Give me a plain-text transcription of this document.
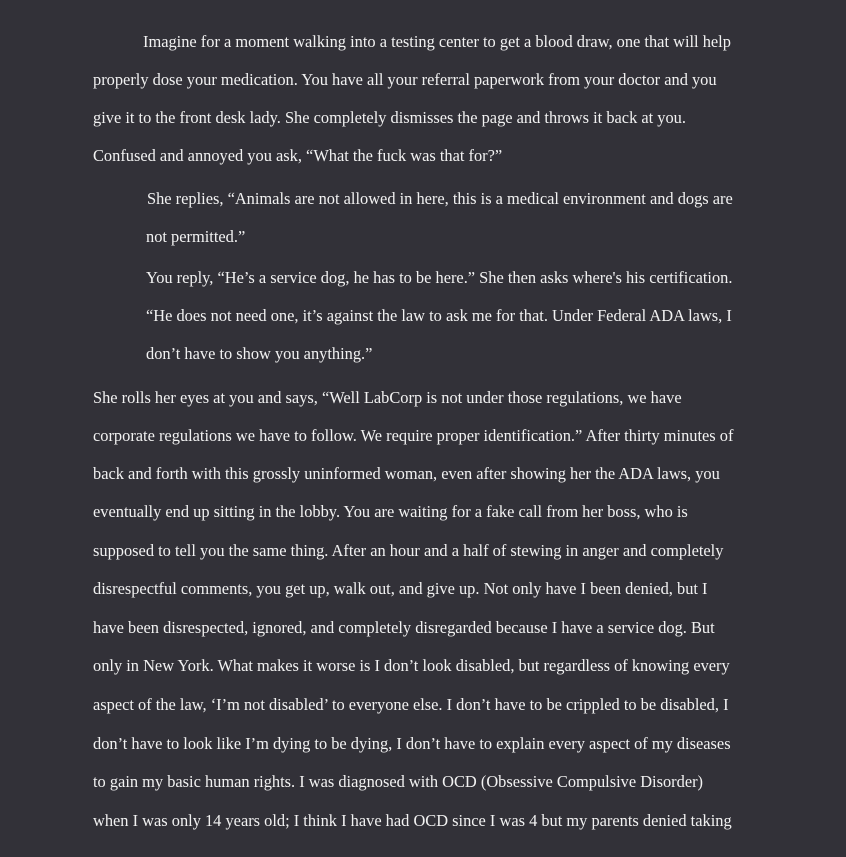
Imagine for a moment walking into a testing center to get a blood draw, one that will help
properly dose your medication. You have all your referral paperwork from your doctor and you
give it to the front desk lady. She completely dismisses the page and throws it back at you.
Confused and annoyed you ask, “What the fuck was that for?”
She replies, “Animals are not allowed in here, this is a medical environment and dogs are
not permitted.”
You reply, “He’s a service dog, he has to be here.” She then asks where's his certification.
“He does not need one, it’s against the law to ask me for that. Under Federal ADA laws, I
don’t have to show you anything.”
She rolls her eyes at you and says, “Well LabCorp is not under those regulations, we have
corporate regulations we have to follow. We require proper identification.” After thirty minutes of
back and forth with this grossly uninformed woman, even after showing her the ADA laws, you
eventually end up sitting in the lobby. You are waiting for a fake call from her boss, who is
supposed to tell you the same thing. After an hour and a half of stewing in anger and completely
disrespectful comments, you get up, walk out, and give up. Not only have I been denied, but I
have been disrespected, ignored, and completely disregarded because I have a service dog. But
only in New York. What makes it worse is I don’t look disabled, but regardless of knowing every
aspect of the law, ‘I’m not disabled’ to everyone else. I don’t have to be crippled to be disabled, I
don’t have to look like I’m dying to be dying, I don’t have to explain every aspect of my diseases
to gain my basic human rights. I was diagnosed with OCD (Obsessive Compulsive Disorder)
when I was only 14 years old; I think I have had OCD since I was 4 but my parents denied taking
